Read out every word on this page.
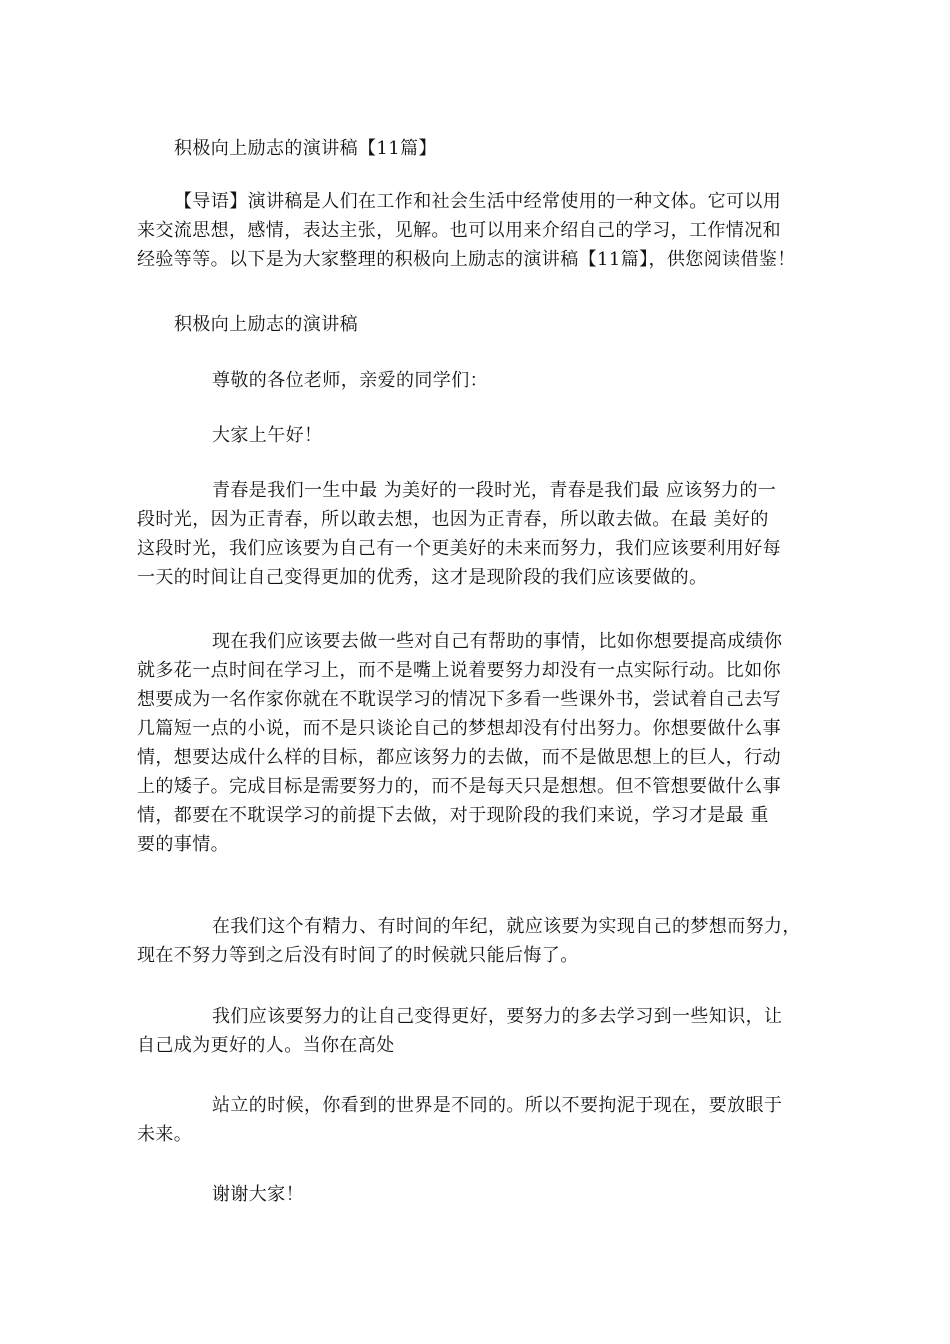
积极向上励志的演讲稿【11篇】

【导语】演讲稿是人们在工作和社会生活中经常使用的一种文体。它可以用
来交流思想，感情，表达主张，见解。也可以用来介绍自己的学习，工作情况和
经验等等。以下是为大家整理的积极向上励志的演讲稿【11篇】，供您阅读借鉴！

积极向上励志的演讲稿

尊敬的各位老师，亲爱的同学们：

大家上午好！

青春是我们一生中最 为美好的一段时光，青春是我们最 应该努力的一
段时光，因为正青春，所以敢去想，也因为正青春，所以敢去做。在最 美好的
这段时光，我们应该要为自己有一个更美好的未来而努力，我们应该要利用好每
一天的时间让自己变得更加的优秀，这才是现阶段的我们应该要做的。
现在我们应该要去做一些对自己有帮助的事情，比如你想要提高成绩你
就多花一点时间在学习上，而不是嘴上说着要努力却没有一点实际行动。比如你
想要成为一名作家你就在不耽误学习的情况下多看一些课外书，尝试着自己去写
几篇短一点的小说，而不是只谈论自己的梦想却没有付出努力。你想要做什么事
情，想要达成什么样的目标，都应该努力的去做，而不是做思想上的巨人，行动
上的矮子。完成目标是需要努力的，而不是每天只是想想。但不管想要做什么事
情，都要在不耽误学习的前提下去做，对于现阶段的我们来说，学习才是最 重
要的事情。
在我们这个有精力、有时间的年纪，就应该要为实现自己的梦想而努力，
现在不努力等到之后没有时间了的时候就只能后悔了。
我们应该要努力的让自己变得更好，要努力的多去学习到一些知识，让
自己成为更好的人。当你在高处
站立的时候，你看到的世界是不同的。所以不要拘泥于现在，要放眼于
未来。

谢谢大家！
